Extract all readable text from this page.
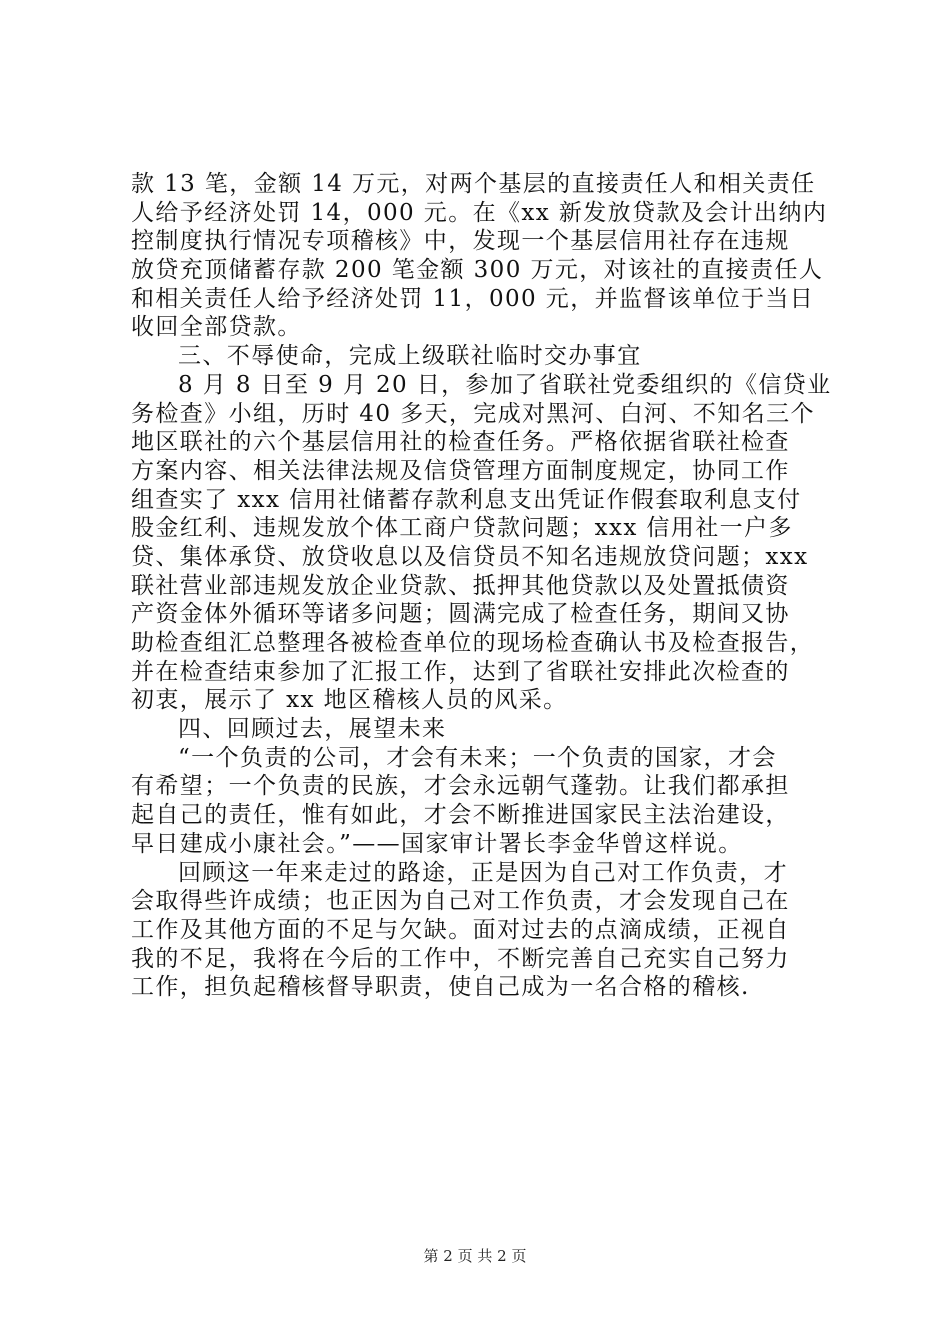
款 13 笔，金额 14 万元，对两个基层的直接责任人和相关责任
人给予经济处罚 14，000 元。在《xx 新发放贷款及会计出纳内
控制度执行情况专项稽核》中，发现一个基层信用社存在违规
放贷充顶储蓄存款 200 笔金额 300 万元，对该社的直接责任人
和相关责任人给予经济处罚 11，000 元，并监督该单位于当日
收回全部贷款。
三、不辱使命，完成上级联社临时交办事宜
8 月 8 日至 9 月 20 日，参加了省联社党委组织的《信贷业
务检查》小组，历时 40 多天，完成对黑河、白河、不知名三个
地区联社的六个基层信用社的检查任务。严格依据省联社检查
方案内容、相关法律法规及信贷管理方面制度规定，协同工作
组查实了 xxx 信用社储蓄存款利息支出凭证作假套取利息支付
股金红利、违规发放个体工商户贷款问题；xxx 信用社一户多
贷、集体承贷、放贷收息以及信贷员不知名违规放贷问题；xxx
联社营业部违规发放企业贷款、抵押其他贷款以及处置抵债资
产资金体外循环等诸多问题；圆满完成了检查任务，期间又协
助检查组汇总整理各被检查单位的现场检查确认书及检查报告，
并在检查结束参加了汇报工作，达到了省联社安排此次检查的
初衷，展示了 xx 地区稽核人员的风采。
四、回顾过去，展望未来
“一个负责的公司，才会有未来；一个负责的国家，才会
有希望；一个负责的民族，才会永远朝气蓬勃。让我们都承担
起自己的责任，惟有如此，才会不断推进国家民主法治建设，
早日建成小康社会。”——国家审计署长李金华曾这样说。
回顾这一年来走过的路途，正是因为自己对工作负责，才
会取得些许成绩；也正因为自己对工作负责，才会发现自己在
工作及其他方面的不足与欠缺。面对过去的点滴成绩，正视自
我的不足，我将在今后的工作中，不断完善自己充实自己努力
工作，担负起稽核督导职责，使自己成为一名合格的稽核.
第 2 页 共 2 页
